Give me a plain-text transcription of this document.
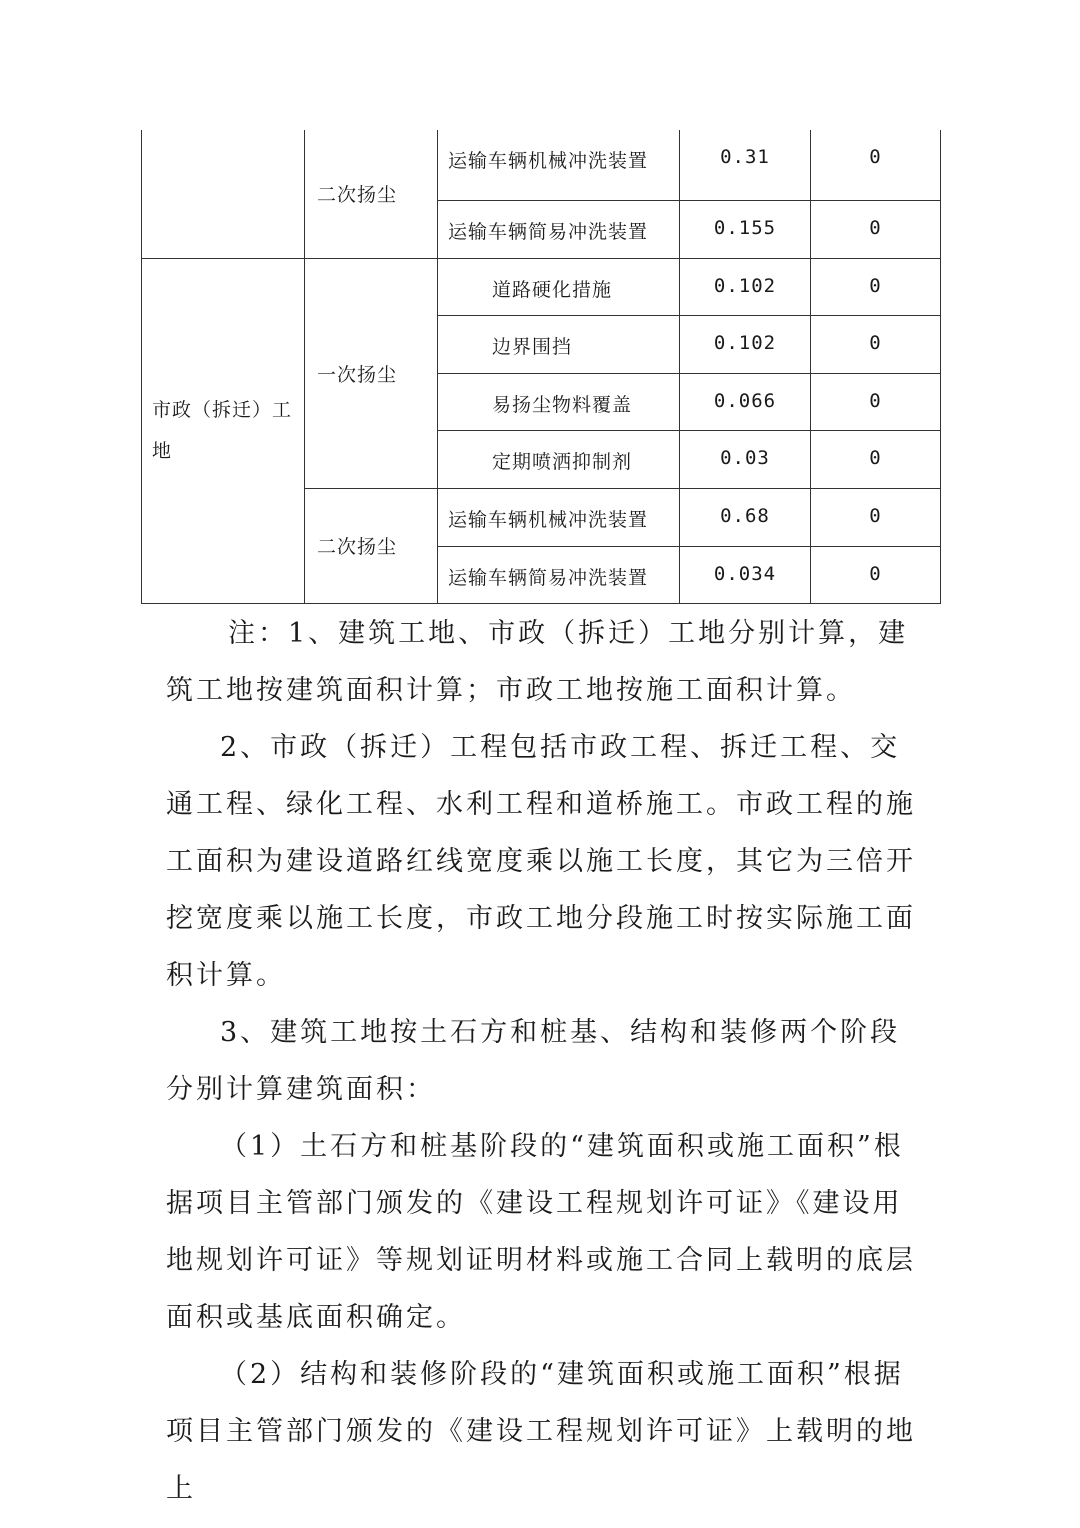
	二次扬尘	运输车辆机械冲洗装置	0.31	0
		运输车辆简易冲洗装置	0.155	0
市政（拆迁）工地	一次扬尘	道路硬化措施	0.102	0
		边界围挡	0.102	0
		易扬尘物料覆盖	0.066	0
		定期喷洒抑制剂	0.03	0
	二次扬尘	运输车辆机械冲洗装置	0.68	0
		运输车辆简易冲洗装置	0.034	0

注：1、建筑工地、市政（拆迁）工地分别计算，建筑工地按建筑面积计算；市政工地按施工面积计算。

2、市政（拆迁）工程包括市政工程、拆迁工程、交通工程、绿化工程、水利工程和道桥施工。市政工程的施工面积为建设道路红线宽度乘以施工长度，其它为三倍开挖宽度乘以施工长度，市政工地分段施工时按实际施工面积计算。

3、建筑工地按土石方和桩基、结构和装修两个阶段分别计算建筑面积：

（1）土石方和桩基阶段的“建筑面积或施工面积”根据项目主管部门颁发的《建设工程规划许可证》《建设用地规划许可证》等规划证明材料或施工合同上载明的底层面积或基底面积确定。

（2）结构和装修阶段的“建筑面积或施工面积”根据项目主管部门颁发的《建设工程规划许可证》上载明的地上
